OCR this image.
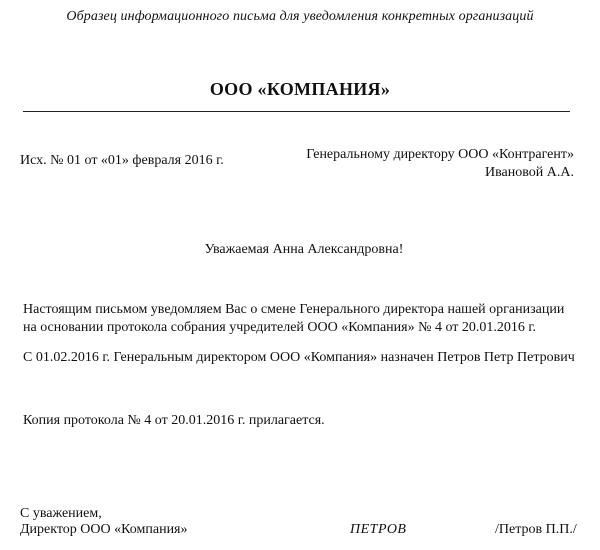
Образец информационного письма для уведомления конкретных организаций
ООО «КОМПАНИЯ»
Исх. № 01 от «01» февраля 2016 г.	Генеральному директору ООО «Контрагент»
Ивановой А.А.
Уважаемая Анна Александровна!
Настоящим письмом уведомляем Вас о смене Генерального директора нашей организации на основании протокола собрания учредителей ООО «Компания» № 4 от 20.01.2016 г.
С 01.02.2016 г. Генеральным директором ООО «Компания» назначен Петров Петр Петрович
Копия протокола № 4 от 20.01.2016 г. прилагается.
С уважением,
Директор ООО «Компания»	ПЕТРОВ	/Петров П.П./
